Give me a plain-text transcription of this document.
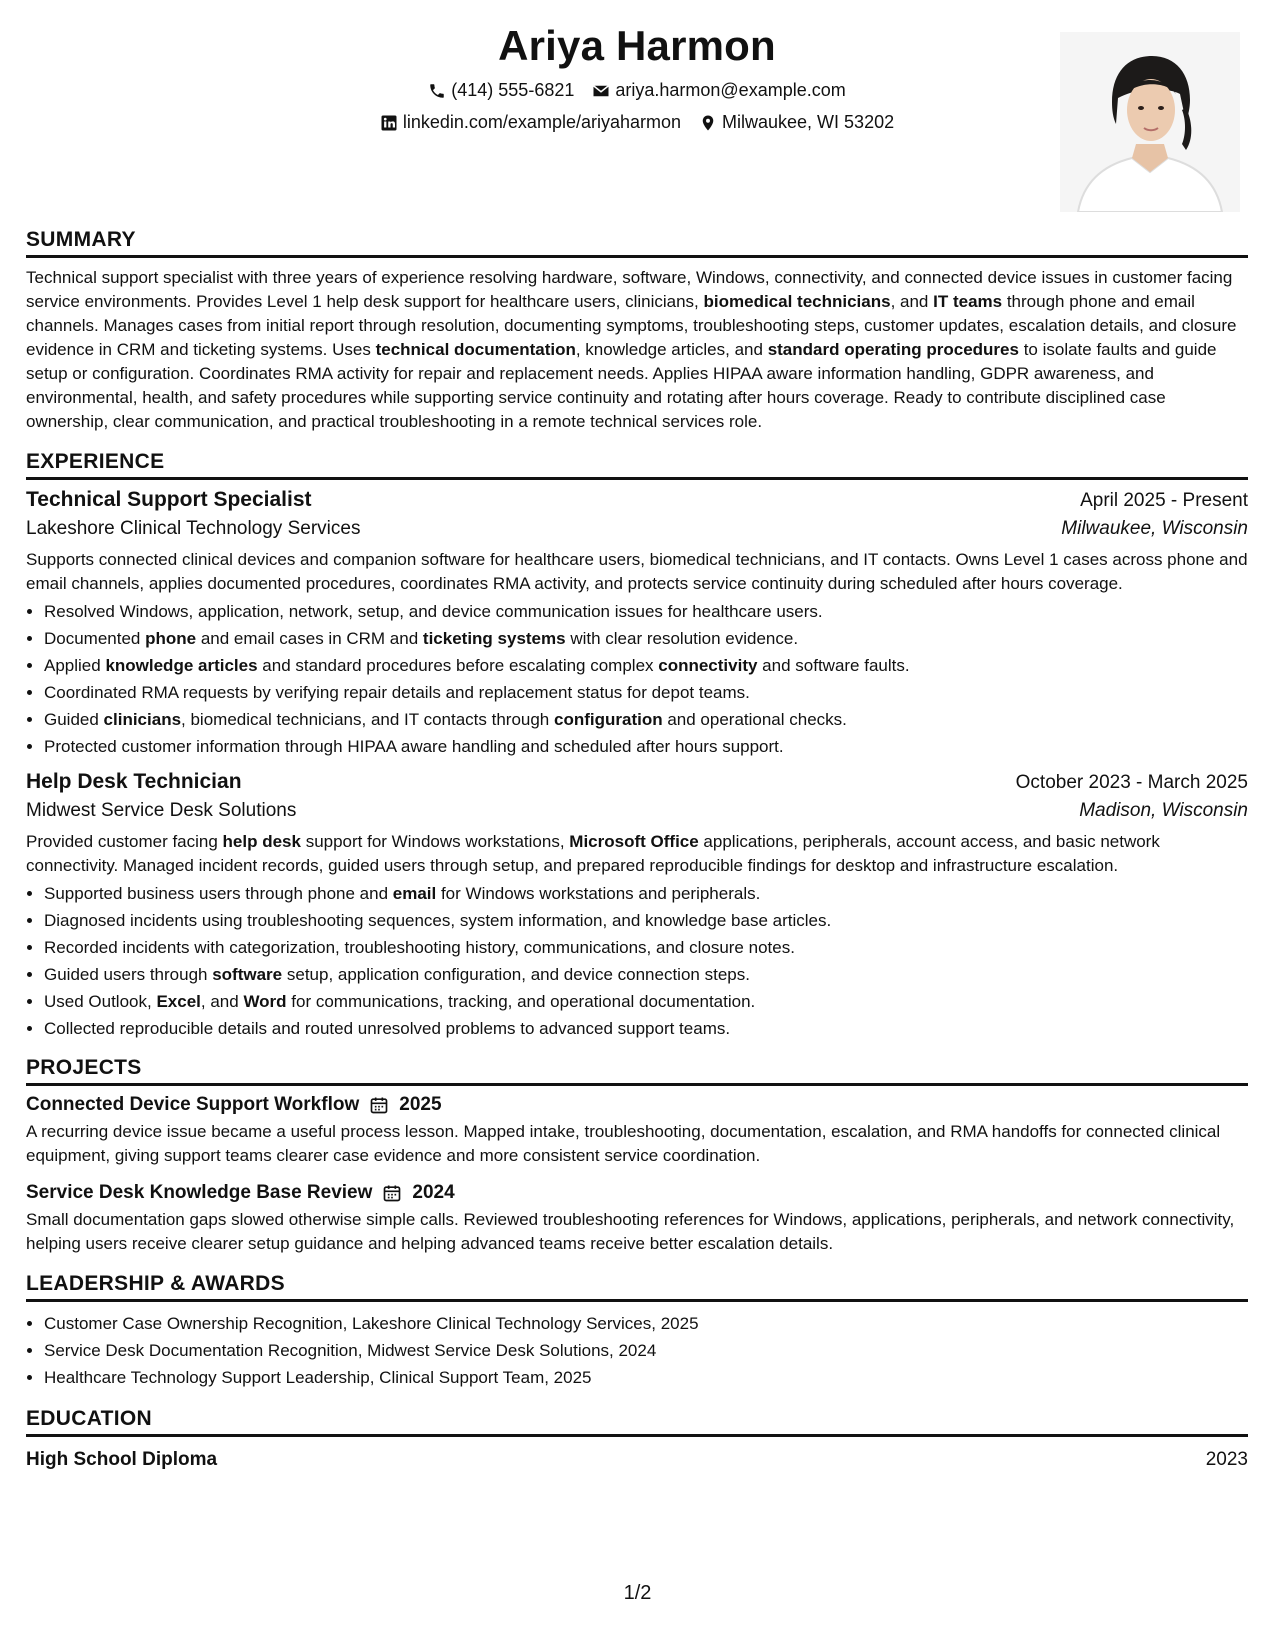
Ariya Harmon
(414) 555-6821 ariya.harmon@example.com
linkedin.com/example/ariyaharmon Milwaukee, WI 53202
SUMMARY

Technical support specialist with three years of experience resolving hardware, software, Windows, connectivity, and connected device issues in customer facing service environments. Provides Level 1 help desk support for healthcare users, clinicians, biomedical technicians, and IT teams through phone and email channels. Manages cases from initial report through resolution, documenting symptoms, troubleshooting steps, customer updates, escalation details, and closure evidence in CRM and ticketing systems. Uses technical documentation, knowledge articles, and standard operating procedures to isolate faults and guide setup or configuration. Coordinates RMA activity for repair and replacement needs. Applies HIPAA aware information handling, GDPR awareness, and environmental, health, and safety procedures while supporting service continuity and rotating after hours coverage. Ready to contribute disciplined case ownership, clear communication, and practical troubleshooting in a remote technical services role.

EXPERIENCE
Technical Support Specialist	April 2025 - Present
Lakeshore Clinical Technology Services	Milwaukee, Wisconsin

Supports connected clinical devices and companion software for healthcare users, biomedical technicians, and IT contacts. Owns Level 1 cases across phone and email channels, applies documented procedures, coordinates RMA activity, and protects service continuity during scheduled after hours coverage.

• Resolved Windows, application, network, setup, and device communication issues for healthcare users.
• Documented phone and email cases in CRM and ticketing systems with clear resolution evidence.
• Applied knowledge articles and standard procedures before escalating complex connectivity and software faults.
• Coordinated RMA requests by verifying repair details and replacement status for depot teams.
• Guided clinicians, biomedical technicians, and IT contacts through configuration and operational checks.
• Protected customer information through HIPAA aware handling and scheduled after hours support.
Help Desk Technician	October 2023 - March 2025
Midwest Service Desk Solutions	Madison, Wisconsin

Provided customer facing help desk support for Windows workstations, Microsoft Office applications, peripherals, account access, and basic network connectivity. Managed incident records, guided users through setup, and prepared reproducible findings for desktop and infrastructure escalation.

• Supported business users through phone and email for Windows workstations and peripherals.
• Diagnosed incidents using troubleshooting sequences, system information, and knowledge base articles.
• Recorded incidents with categorization, troubleshooting history, communications, and closure notes.
• Guided users through software setup, application configuration, and device connection steps.
• Used Outlook, Excel, and Word for communications, tracking, and operational documentation.
• Collected reproducible details and routed unresolved problems to advanced support teams.
PROJECTS
Connected Device Support Workflow 2025

A recurring device issue became a useful process lesson. Mapped intake, troubleshooting, documentation, escalation, and RMA handoffs for connected clinical equipment, giving support teams clearer case evidence and more consistent service coordination.

Service Desk Knowledge Base Review 2024

Small documentation gaps slowed otherwise simple calls. Reviewed troubleshooting references for Windows, applications, peripherals, and network connectivity, helping users receive clearer setup guidance and helping advanced teams receive better escalation details.

LEADERSHIP & AWARDS
• Customer Case Ownership Recognition, Lakeshore Clinical Technology Services, 2025
• Service Desk Documentation Recognition, Midwest Service Desk Solutions, 2024
• Healthcare Technology Support Leadership, Clinical Support Team, 2025
EDUCATION
High School Diploma	2023
1/2
